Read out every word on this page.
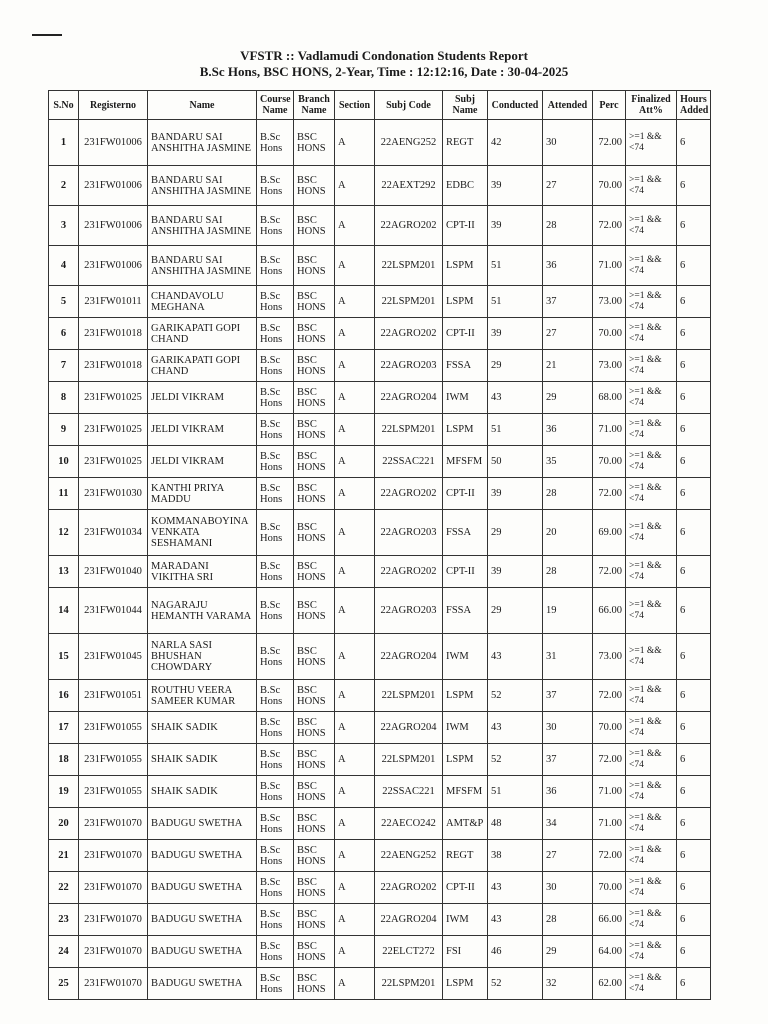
VFSTR :: Vadlamudi Condonation Students Report
B.Sc Hons, BSC HONS, 2-Year, Time : 12:12:16, Date : 30-04-2025
S.No	Registerno	Name	Course Name	Branch Name	Section	Subj Code	Subj Name	Conducted	Attended	Perc	Finalized Att%	Hours Added
1	231FW01006	BANDARU SAI ANSHITHA JASMINE	B.Sc Hons	BSC HONS	A	22AENG252	REGT	42	30	72.00	>=1 && <74	6
2	231FW01006	BANDARU SAI ANSHITHA JASMINE	B.Sc Hons	BSC HONS	A	22AEXT292	EDBC	39	27	70.00	>=1 && <74	6
3	231FW01006	BANDARU SAI ANSHITHA JASMINE	B.Sc Hons	BSC HONS	A	22AGRO202	CPT-II	39	28	72.00	>=1 && <74	6
4	231FW01006	BANDARU SAI ANSHITHA JASMINE	B.Sc Hons	BSC HONS	A	22LSPM201	LSPM	51	36	71.00	>=1 && <74	6
5	231FW01011	CHANDAVOLU MEGHANA	B.Sc Hons	BSC HONS	A	22LSPM201	LSPM	51	37	73.00	>=1 && <74	6
6	231FW01018	GARIKAPATI GOPI CHAND	B.Sc Hons	BSC HONS	A	22AGRO202	CPT-II	39	27	70.00	>=1 && <74	6
7	231FW01018	GARIKAPATI GOPI CHAND	B.Sc Hons	BSC HONS	A	22AGRO203	FSSA	29	21	73.00	>=1 && <74	6
8	231FW01025	JELDI VIKRAM	B.Sc Hons	BSC HONS	A	22AGRO204	IWM	43	29	68.00	>=1 && <74	6
9	231FW01025	JELDI VIKRAM	B.Sc Hons	BSC HONS	A	22LSPM201	LSPM	51	36	71.00	>=1 && <74	6
10	231FW01025	JELDI VIKRAM	B.Sc Hons	BSC HONS	A	22SSAC221	MFSFM	50	35	70.00	>=1 && <74	6
11	231FW01030	KANTHI PRIYA MADDU	B.Sc Hons	BSC HONS	A	22AGRO202	CPT-II	39	28	72.00	>=1 && <74	6
12	231FW01034	KOMMANABOYINA VENKATA SESHAMANI	B.Sc Hons	BSC HONS	A	22AGRO203	FSSA	29	20	69.00	>=1 && <74	6
13	231FW01040	MARADANI VIKITHA SRI	B.Sc Hons	BSC HONS	A	22AGRO202	CPT-II	39	28	72.00	>=1 && <74	6
14	231FW01044	NAGARAJU HEMANTH VARAMA	B.Sc Hons	BSC HONS	A	22AGRO203	FSSA	29	19	66.00	>=1 && <74	6
15	231FW01045	NARLA SASI BHUSHAN CHOWDARY	B.Sc Hons	BSC HONS	A	22AGRO204	IWM	43	31	73.00	>=1 && <74	6
16	231FW01051	ROUTHU VEERA SAMEER KUMAR	B.Sc Hons	BSC HONS	A	22LSPM201	LSPM	52	37	72.00	>=1 && <74	6
17	231FW01055	SHAIK SADIK	B.Sc Hons	BSC HONS	A	22AGRO204	IWM	43	30	70.00	>=1 && <74	6
18	231FW01055	SHAIK SADIK	B.Sc Hons	BSC HONS	A	22LSPM201	LSPM	52	37	72.00	>=1 && <74	6
19	231FW01055	SHAIK SADIK	B.Sc Hons	BSC HONS	A	22SSAC221	MFSFM	51	36	71.00	>=1 && <74	6
20	231FW01070	BADUGU SWETHA	B.Sc Hons	BSC HONS	A	22AECO242	AMT&P	48	34	71.00	>=1 && <74	6
21	231FW01070	BADUGU SWETHA	B.Sc Hons	BSC HONS	A	22AENG252	REGT	38	27	72.00	>=1 && <74	6
22	231FW01070	BADUGU SWETHA	B.Sc Hons	BSC HONS	A	22AGRO202	CPT-II	43	30	70.00	>=1 && <74	6
23	231FW01070	BADUGU SWETHA	B.Sc Hons	BSC HONS	A	22AGRO204	IWM	43	28	66.00	>=1 && <74	6
24	231FW01070	BADUGU SWETHA	B.Sc Hons	BSC HONS	A	22ELCT272	FSI	46	29	64.00	>=1 && <74	6
25	231FW01070	BADUGU SWETHA	B.Sc Hons	BSC HONS	A	22LSPM201	LSPM	52	32	62.00	>=1 && <74	6
